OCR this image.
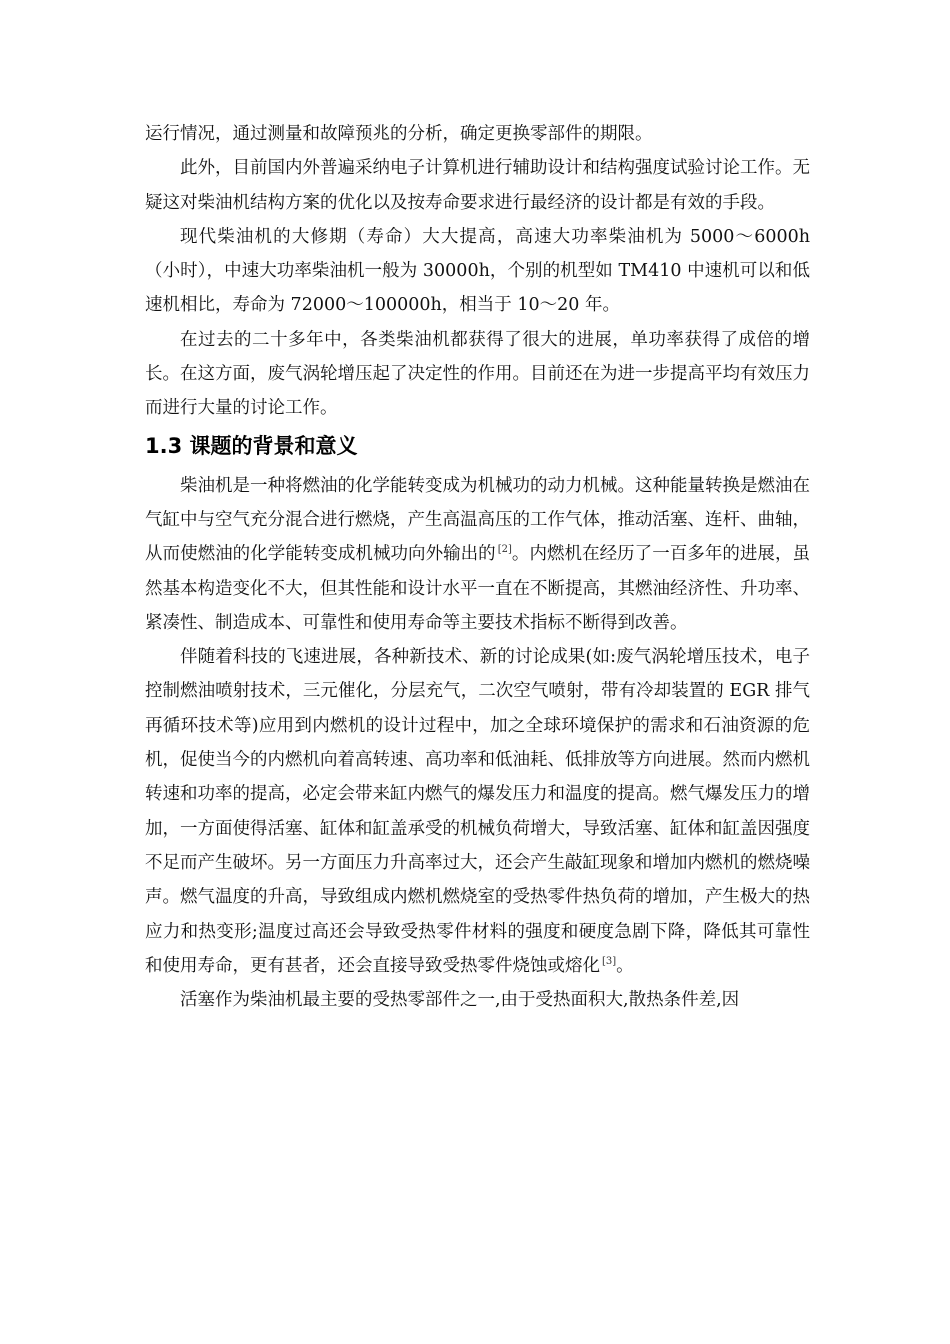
运行情况，通过测量和故障预兆的分析，确定更换零部件的期限。

此外，目前国内外普遍采纳电子计算机进行辅助设计和结构强度试验讨论工作。无疑这对柴油机结构方案的优化以及按寿命要求进行最经济的设计都是有效的手段。

现代柴油机的大修期（寿命）大大提高，高速大功率柴油机为 5000～6000h（小时），中速大功率柴油机一般为 30000h，个别的机型如 TM410 中速机可以和低速机相比，寿命为 72000～100000h，相当于 10～20 年。

在过去的二十多年中，各类柴油机都获得了很大的进展，单功率获得了成倍的增长。在这方面，废气涡轮增压起了决定性的作用。目前还在为进一步提高平均有效压力而进行大量的讨论工作。

1.3 课题的背景和意义

柴油机是一种将燃油的化学能转变成为机械功的动力机械。这种能量转换是燃油在气缸中与空气充分混合进行燃烧，产生高温高压的工作气体，推动活塞、连杆、曲轴，从而使燃油的化学能转变成机械功向外输出的 [2]。内燃机在经历了一百多年的进展，虽然基本构造变化不大，但其性能和设计水平一直在不断提高，其燃油经济性、升功率、紧凑性、制造成本、可靠性和使用寿命等主要技术指标不断得到改善。

伴随着科技的飞速进展，各种新技术、新的讨论成果(如:废气涡轮增压技术，电子控制燃油喷射技术，三元催化，分层充气，二次空气喷射，带有冷却装置的 EGR 排气再循环技术等)应用到内燃机的设计过程中，加之全球环境保护的需求和石油资源的危机，促使当今的内燃机向着高转速、高功率和低油耗、低排放等方向进展。然而内燃机转速和功率的提高，必定会带来缸内燃气的爆发压力和温度的提高。燃气爆发压力的增加，一方面使得活塞、缸体和缸盖承受的机械负荷增大，导致活塞、缸体和缸盖因强度不足而产生破坏。另一方面压力升高率过大，还会产生敲缸现象和增加内燃机的燃烧噪声。燃气温度的升高，导致组成内燃机燃烧室的受热零件热负荷的增加，产生极大的热应力和热变形;温度过高还会导致受热零件材料的强度和硬度急剧下降，降低其可靠性和使用寿命，更有甚者，还会直接导致受热零件烧蚀或熔化 [3]。

活塞作为柴油机最主要的受热零部件之一,由于受热面积大,散热条件差,因
